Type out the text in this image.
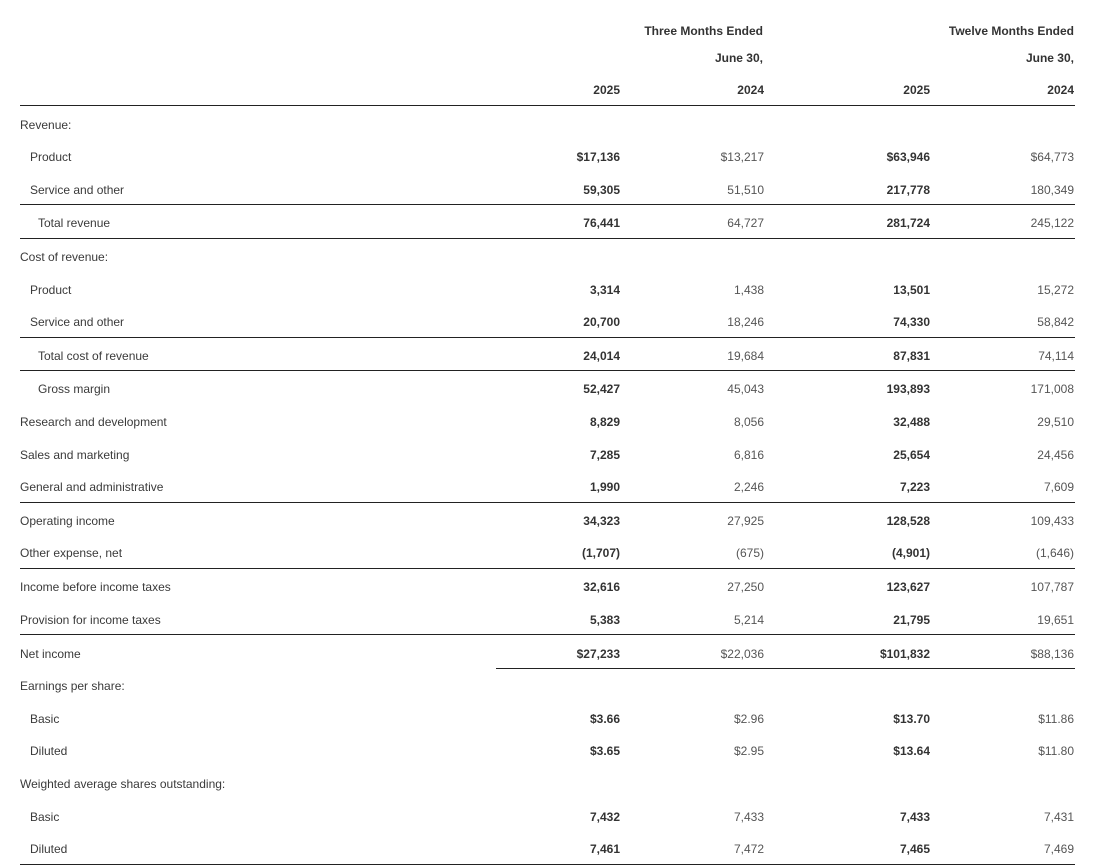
Three Months Ended
June 30,
Twelve Months Ended
June 30,
2025	2024	2025	2024
Revenue:
Product	$17,136	$13,217	$63,946	$64,773
Service and other	59,305	51,510	217,778	180,349
Total revenue	76,441	64,727	281,724	245,122
Cost of revenue:
Product	3,314	1,438	13,501	15,272
Service and other	20,700	18,246	74,330	58,842
Total cost of revenue	24,014	19,684	87,831	74,114
Gross margin	52,427	45,043	193,893	171,008
Research and development	8,829	8,056	32,488	29,510
Sales and marketing	7,285	6,816	25,654	24,456
General and administrative	1,990	2,246	7,223	7,609
Operating income	34,323	27,925	128,528	109,433
Other expense, net	(1,707)	(675)	(4,901)	(1,646)
Income before income taxes	32,616	27,250	123,627	107,787
Provision for income taxes	5,383	5,214	21,795	19,651
Net income	$27,233	$22,036	$101,832	$88,136
Earnings per share:
Basic	$3.66	$2.96	$13.70	$11.86
Diluted	$3.65	$2.95	$13.64	$11.80
Weighted average shares outstanding:
Basic	7,432	7,433	7,433	7,431
Diluted	7,461	7,472	7,465	7,469
